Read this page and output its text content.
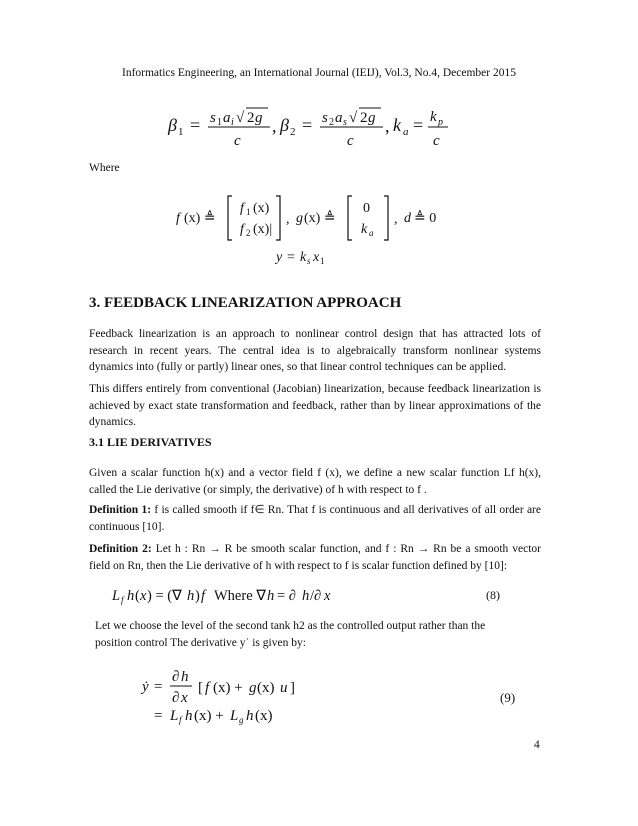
Informatics Engineering, an International Journal (IEIJ), Vol.3, No.4, December 2015
β 1 = s 1 a i √ 2 g
c
, β 2 = s 2 a s √ 2 g
c
, k a = k p
c
Where
f (x) ≜
f 1 (x)
f 2 (x)|
, g (x) ≜
0
k a
, d ≜ 0
y = k s x 1
3. FEEDBACK LINEARIZATION APPROACH
Feedback linearization is an approach to nonlinear control design that has attracted lots of research in recent years. The central idea is to algebraically transform nonlinear systems dynamics into (fully or partly) linear ones, so that linear control techniques can be applied.
This differs entirely from conventional (Jacobian) linearization, because feedback linearization is achieved by exact state transformation and feedback, rather than by linear approximations of the dynamics.
3.1 LIE DERIVATIVES
Given a scalar function h(x) and a vector field f (x), we define a new scalar function Lf h(x), called the Lie derivative (or simply, the derivative) of h with respect to f .
Definition 1: f is called smooth if f∈ Rn. That f is continuous and all derivatives of all order are continuous [10].
Definition 2: Let h : Rn → R be smooth scalar function, and f : Rn → Rn be a smooth vector field on Rn, then the Lie derivative of h with respect to f is scalar function defined by [10]:
L f h ( x ) = (∇ h ) f Where ∇ h = ∂ h /∂ x	(8)
Let we choose the level of the second tank h2 as the controlled output rather than the position control The derivative y˙ is given by:
ẏ =
∂ h
∂ x
[ f (x) + g (x) u ]
= L f h (x) + L g h (x)
(9)
4
